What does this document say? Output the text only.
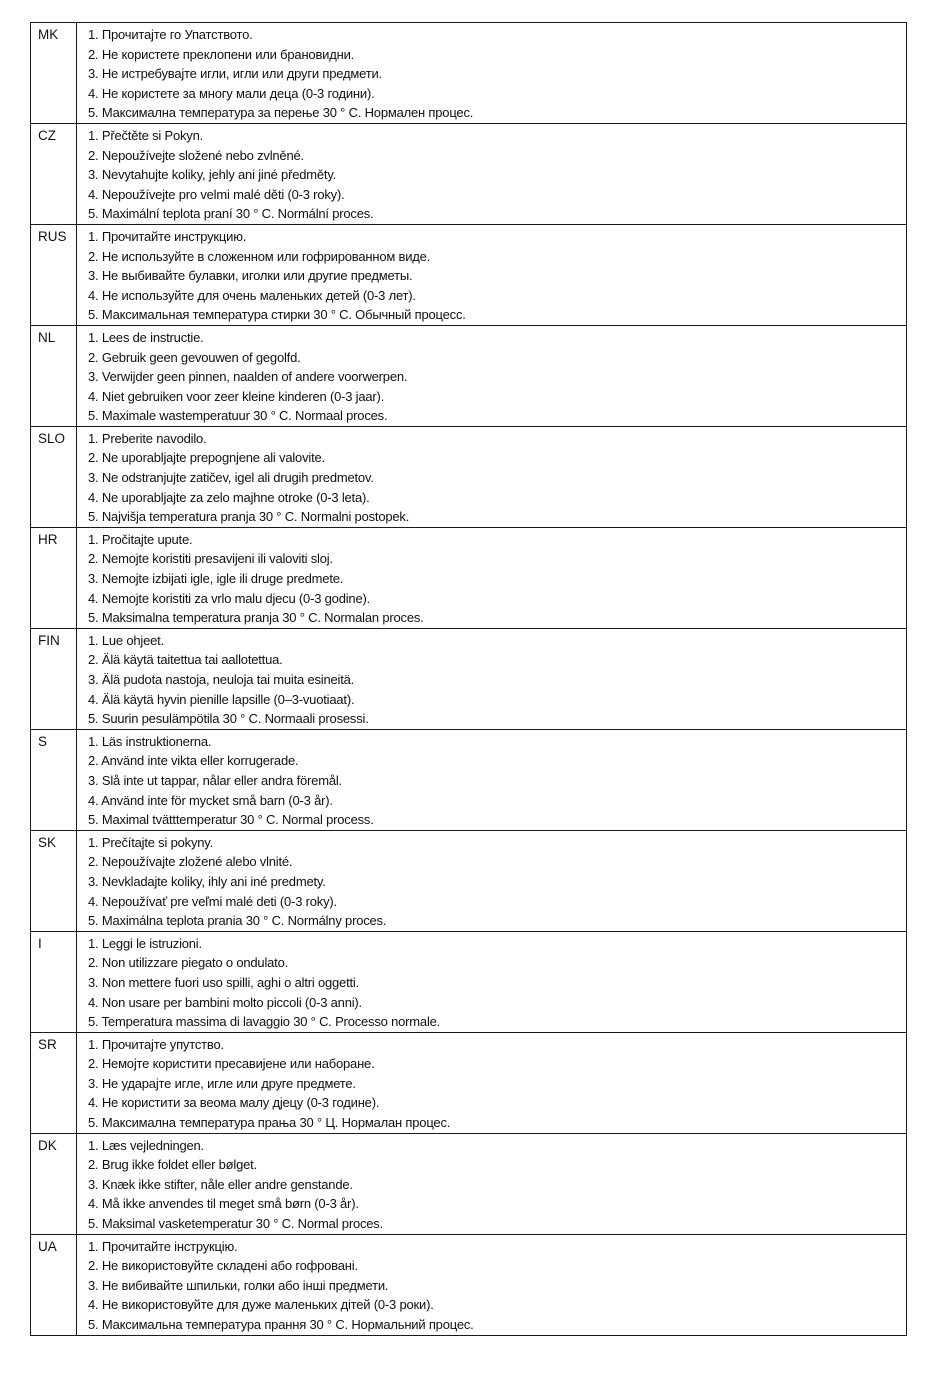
MK	1. Прочитајте го Упатството.
2. Не користете преклопени или брановидни.
3. Не истребувајте игли, игли или други предмети.
4. Не користете за многу мали деца (0-3 години).
5. Максимална температура за перење 30 ° С. Нормален процес.

CZ	1. Přečtěte si Pokyn.
2. Nepoužívejte složené nebo zvlněné.
3. Nevytahujte koliky, jehly ani jiné předměty.
4. Nepoužívejte pro velmi malé děti (0-3 roky).
5. Maximální teplota praní 30 ° C. Normální proces.

RUS	1. Прочитайте инструкцию.
2. Не используйте в сложенном или гофрированном виде.
3. Не выбивайте булавки, иголки или другие предметы.
4. Не используйте для очень маленьких детей (0-3 лет).
5. Максимальная температура стирки 30 ° С. Обычный процесс.

NL	1. Lees de instructie.
2. Gebruik geen gevouwen of gegolfd.
3. Verwijder geen pinnen, naalden of andere voorwerpen.
4. Niet gebruiken voor zeer kleine kinderen (0-3 jaar).
5. Maximale wastemperatuur 30 ° C. Normaal proces.

SLO	1. Preberite navodilo.
2. Ne uporabljajte prepognjene ali valovite.
3. Ne odstranjujte zatičev, igel ali drugih predmetov.
4. Ne uporabljajte za zelo majhne otroke (0-3 leta).
5. Najvišja temperatura pranja 30 ° C. Normalni postopek.

HR	1. Pročitajte upute.
2. Nemojte koristiti presavijeni ili valoviti sloj.
3. Nemojte izbijati igle, igle ili druge predmete.
4. Nemojte koristiti za vrlo malu djecu (0-3 godine).
5. Maksimalna temperatura pranja 30 ° C. Normalan proces.

FIN	1. Lue ohjeet.
2. Älä käytä taitettua tai aallotettua.
3. Älä pudota nastoja, neuloja tai muita esineitä.
4. Älä käytä hyvin pienille lapsille (0–3-vuotiaat).
5. Suurin pesulämpötila 30 ° C. Normaali prosessi.

S	1. Läs instruktionerna.
2. Använd inte vikta eller korrugerade.
3. Slå inte ut tappar, nålar eller andra föremål.
4. Använd inte för mycket små barn (0-3 år).
5. Maximal tvätttemperatur 30 ° C. Normal process.

SK	1. Prečítajte si pokyny.
2. Nepoužívajte zložené alebo vlnité.
3. Nevkladajte koliky, ihly ani iné predmety.
4. Nepoužívať pre veľmi malé deti (0-3 roky).
5. Maximálna teplota prania 30 ° C. Normálny proces.

I	1. Leggi le istruzioni.
2. Non utilizzare piegato o ondulato.
3. Non mettere fuori uso spilli, aghi o altri oggetti.
4. Non usare per bambini molto piccoli (0-3 anni).
5. Temperatura massima di lavaggio 30 ° C. Processo normale.

SR	1. Прочитајте упутство.
2. Немојте користити пресавијене или набоpане.
3. Не ударајте игле, игле или друге предмете.
4. Не користити за веома малу дјецу (0-3 године).
5. Максимална температура прања 30 ° Ц. Нормалан процес.

DK	1. Læs vejledningen.
2. Brug ikke foldet eller bølget.
3. Knæk ikke stifter, nåle eller andre genstande.
4. Må ikke anvendes til meget små børn (0-3 år).
5. Maksimal vasketemperatur 30 ° C. Normal proces.

UA	1. Прочитайте інструкцію.
2. Не використовуйте складені або гофровані.
3. Не вибивайте шпильки, голки або інші предмети.
4. Не використовуйте для дуже маленьких дітей (0-3 роки).
5. Максимальна температура прання 30 ° С. Нормальний процес.
